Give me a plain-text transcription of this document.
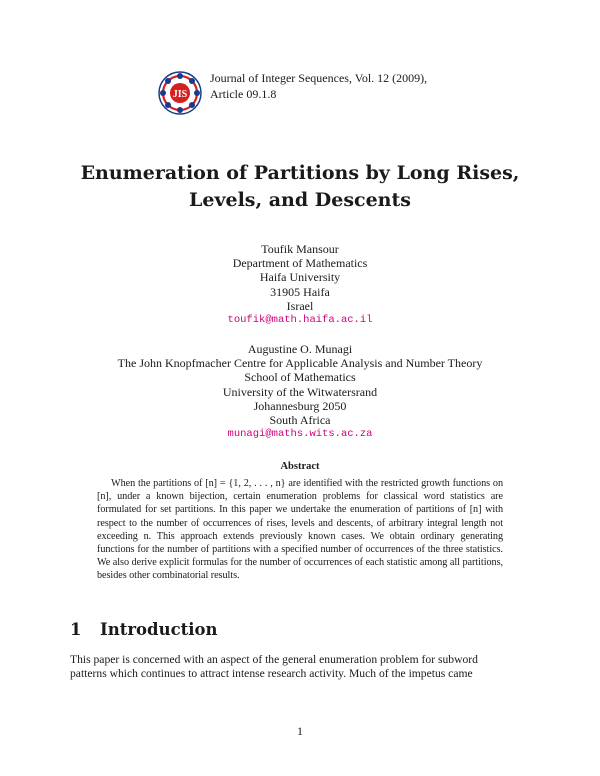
JIS
Journal of Integer Sequences, Vol. 12 (2009),
Article 09.1.8
Enumeration of Partitions by Long Rises,
Levels, and Descents
Toufik Mansour
Department of Mathematics
Haifa University
31905 Haifa
Israel
toufik@math.haifa.ac.il
Augustine O. Munagi
The John Knopfmacher Centre for Applicable Analysis and Number Theory
School of Mathematics
University of the Witwatersrand
Johannesburg 2050
South Africa
munagi@maths.wits.ac.za
Abstract
When the partitions of [n] = {1, 2, . . . , n} are identified with the restricted growth functions on [n], under a known bijection, certain enumeration problems for classical word statistics are formulated for set partitions. In this paper we undertake the enumeration of partitions of [n] with respect to the number of occurrences of rises, levels and descents, of arbitrary integral length not exceeding n. This approach extends previously known cases. We obtain ordinary generating functions for the number of partitions with a specified number of occurrences of the three statistics. We also derive explicit formulas for the number of occurrences of each statistic among all partitions, besides other combinatorial results.
1 Introduction
This paper is concerned with an aspect of the general enumeration problem for subword
patterns which continues to attract intense research activity. Much of the impetus came
1
